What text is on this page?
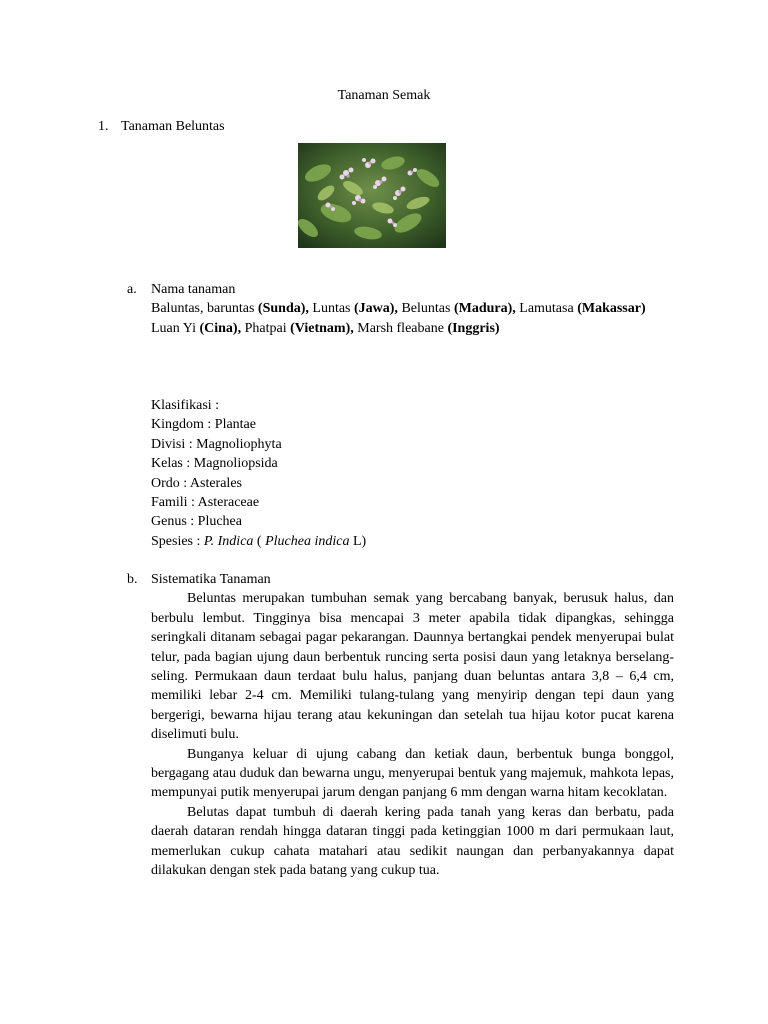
Tanaman Semak
1. Tanaman Beluntas
a. Nama tanaman
Baluntas, baruntas (Sunda), Luntas (Jawa), Beluntas (Madura), Lamutasa (Makassar)
Luan Yi (Cina), Phatpai (Vietnam), Marsh fleabane (Inggris)
Klasifikasi :
Kingdom : Plantae
Divisi : Magnoliophyta
Kelas : Magnoliopsida
Ordo : Asterales
Famili : Asteraceae
Genus : Pluchea
Spesies : P. Indica ( Pluchea indica L)
b. Sistematika Tanaman

Beluntas merupakan tumbuhan semak yang bercabang banyak, berusuk halus, dan berbulu lembut. Tingginya bisa mencapai 3 meter apabila tidak dipangkas, sehingga seringkali ditanam sebagai pagar pekarangan. Daunnya bertangkai pendek menyerupai bulat telur, pada bagian ujung daun berbentuk runcing serta posisi daun yang letaknya berselang-seling. Permukaan daun terdaat bulu halus, panjang duan beluntas antara 3,8 – 6,4 cm, memiliki lebar 2-4 cm. Memiliki tulang-tulang yang menyirip dengan tepi daun yang bergerigi, bewarna hijau terang atau kekuningan dan setelah tua hijau kotor pucat karena diselimuti bulu.

Bunganya keluar di ujung cabang dan ketiak daun, berbentuk bunga bonggol, bergagang atau duduk dan bewarna ungu, menyerupai bentuk yang majemuk, mahkota lepas, mempunyai putik menyerupai jarum dengan panjang 6 mm dengan warna hitam kecoklatan.

Belutas dapat tumbuh di daerah kering pada tanah yang keras dan berbatu, pada daerah dataran rendah hingga dataran tinggi pada ketinggian 1000 m dari permukaan laut, memerlukan cukup cahata matahari atau sedikit naungan dan perbanyakannya dapat dilakukan dengan stek pada batang yang cukup tua.
